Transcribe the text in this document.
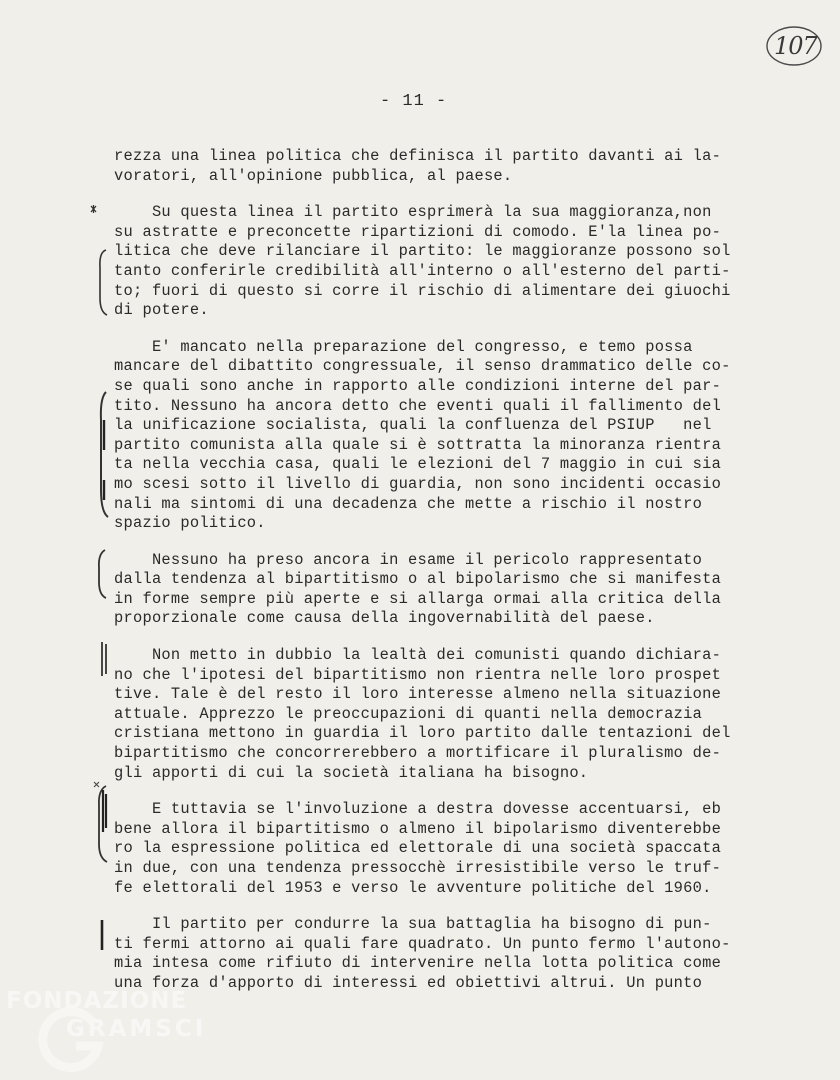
107
- 11 -
rezza una linea politica che definisca il partito davanti ai la-
voratori, all'opinione pubblica, al paese.
Su questa linea il partito esprimerà la sua maggioranza,non
su astratte e preconcette ripartizioni di comodo. E'la linea po-
litica che deve rilanciare il partito: le maggioranze possono sol
tanto conferirle credibilità all'interno o all'esterno del parti-
to; fuori di questo si corre il rischio di alimentare dei giuochi
di potere.
E' mancato nella preparazione del congresso, e temo possa
mancare del dibattito congressuale, il senso drammatico delle co-
se quali sono anche in rapporto alle condizioni interne del par-
tito. Nessuno ha ancora detto che eventi quali il fallimento del
la unificazione socialista, quali la confluenza del PSIUP   nel
partito comunista alla quale si è sottratta la minoranza rientra
ta nella vecchia casa, quali le elezioni del 7 maggio in cui sia
mo scesi sotto il livello di guardia, non sono incidenti occasio
nali ma sintomi di una decadenza che mette a rischio il nostro
spazio politico.
Nessuno ha preso ancora in esame il pericolo rappresentato
dalla tendenza al bipartitismo o al bipolarismo che si manifesta
in forme sempre più aperte e si allarga ormai alla critica della
proporzionale come causa della ingovernabilità del paese.
Non metto in dubbio la lealtà dei comunisti quando dichiara-
no che l'ipotesi del bipartitismo non rientra nelle loro prospet
tive. Tale è del resto il loro interesse almeno nella situazione
attuale. Apprezzo le preoccupazioni di quanti nella democrazia
cristiana mettono in guardia il loro partito dalle tentazioni del
bipartitismo che concorrerebbero a mortificare il pluralismo de-
gli apporti di cui la società italiana ha bisogno.
E tuttavia se l'involuzione a destra dovesse accentuarsi, eb
bene allora il bipartitismo o almeno il bipolarismo diventerebbe
ro la espressione politica ed elettorale di una società spaccata
in due, con una tendenza pressocchè irresistibile verso le truf-
fe elettorali del 1953 e verso le avventure politiche del 1960.
Il partito per condurre la sua battaglia ha bisogno di pun-
ti fermi attorno ai quali fare quadrato. Un punto fermo l'autono-
mia intesa come rifiuto di intervenire nella lotta politica come
una forza d'apporto di interessi ed obiettivi altrui. Un punto
FONDAZIONE
GRAMSCI
